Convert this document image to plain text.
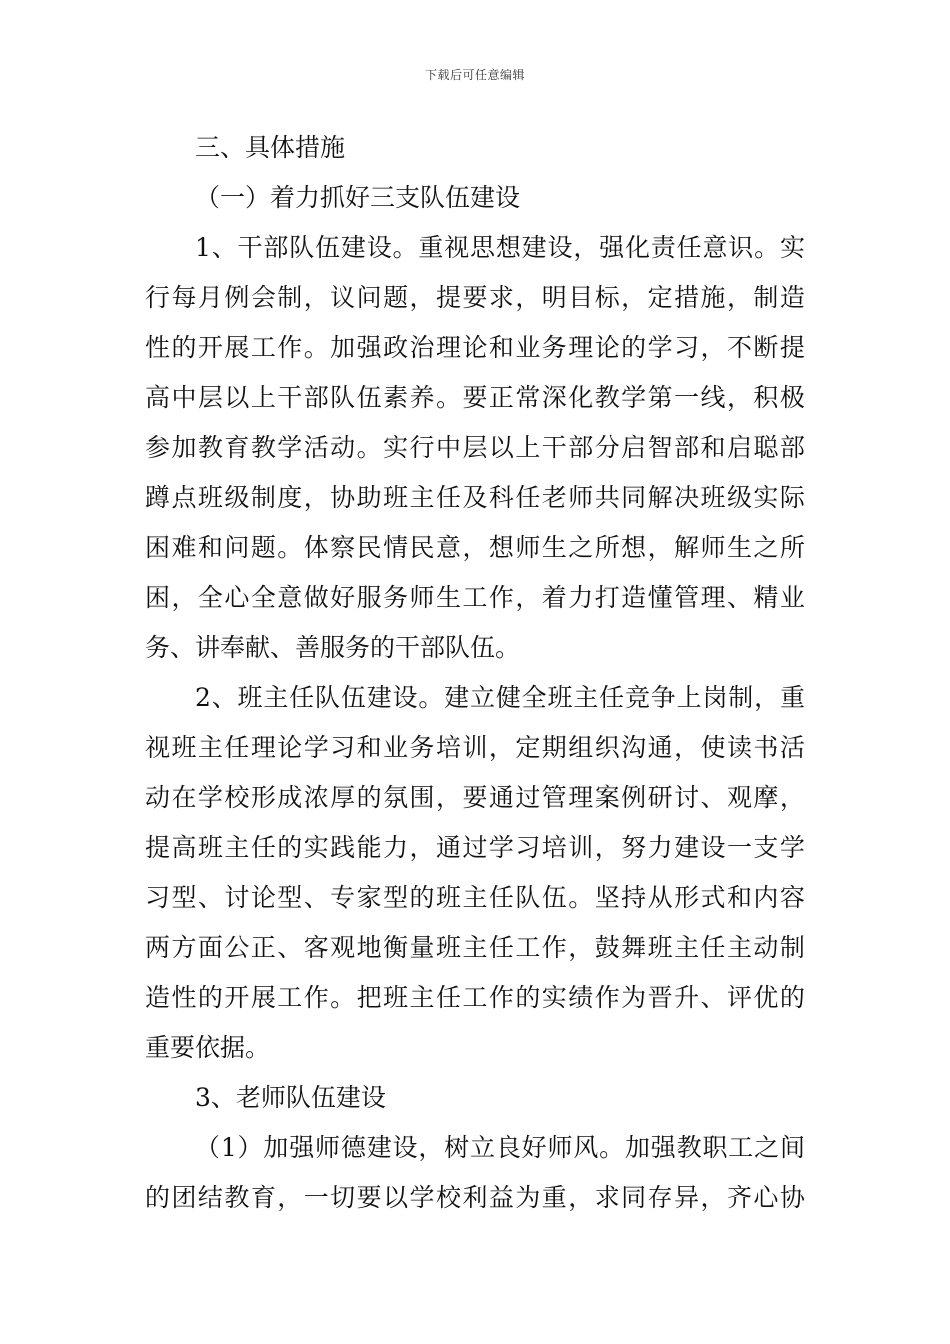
下载后可任意编辑
三、具体措施
（一）着力抓好三支队伍建设
1 、 干 部 队 伍 建 设 。 重 视 思 想 建 设 ， 强 化 责 任 意 识 。 实
行 每 月 例 会 制 ， 议 问 题 ， 提 要 求 ， 明 目 标 ， 定 措 施 ， 制 造
性 的 开 展 工 作 。 加 强 政 治 理 论 和 业 务 理 论 的 学 习 ， 不 断 提
高 中 层 以 上 干 部 队 伍 素 养 。 要 正 常 深 化 教 学 第 一 线 ， 积 极
参 加 教 育 教 学 活 动 。 实 行 中 层 以 上 干 部 分 启 智 部 和 启 聪 部
蹲 点 班 级 制 度 ， 协 助 班 主 任 及 科 任 老 师 共 同 解 决 班 级 实 际
困 难 和 问 题 。 体 察 民 情 民 意 ， 想 师 生 之 所 想 ， 解 师 生 之 所
困 ， 全 心 全 意 做 好 服 务 师 生 工 作 ， 着 力 打 造 懂 管 理 、 精 业
务、讲奉献、善服务的干部队伍。
2 、 班 主 任 队 伍 建 设 。 建 立 健 全 班 主 任 竞 争 上 岗 制 ， 重
视 班 主 任 理 论 学 习 和 业 务 培 训 ， 定 期 组 织 沟 通 ， 使 读 书 活
动 在 学 校 形 成 浓 厚 的 氛 围 ， 要 通 过 管 理 案 例 研 讨 、 观 摩 ，
提 高 班 主 任 的 实 践 能 力 ， 通 过 学 习 培 训 ， 努 力 建 设 一 支 学
习 型 、 讨 论 型 、 专 家 型 的 班 主 任 队 伍 。 坚 持 从 形 式 和 内 容
两 方 面 公 正 、 客 观 地 衡 量 班 主 任 工 作 ， 鼓 舞 班 主 任 主 动 制
造 性 的 开 展 工 作 。 把 班 主 任 工 作 的 实 绩 作 为 晋 升 、 评 优 的
重要依据。
3、老师队伍建设
（ 1 ） 加 强 师 德 建 设 ， 树 立 良 好 师 风 。 加 强 教 职 工 之 间
的 团 结 教 育 ， 一 切 要 以 学 校 利 益 为 重 ， 求 同 存 异 ， 齐 心 协
